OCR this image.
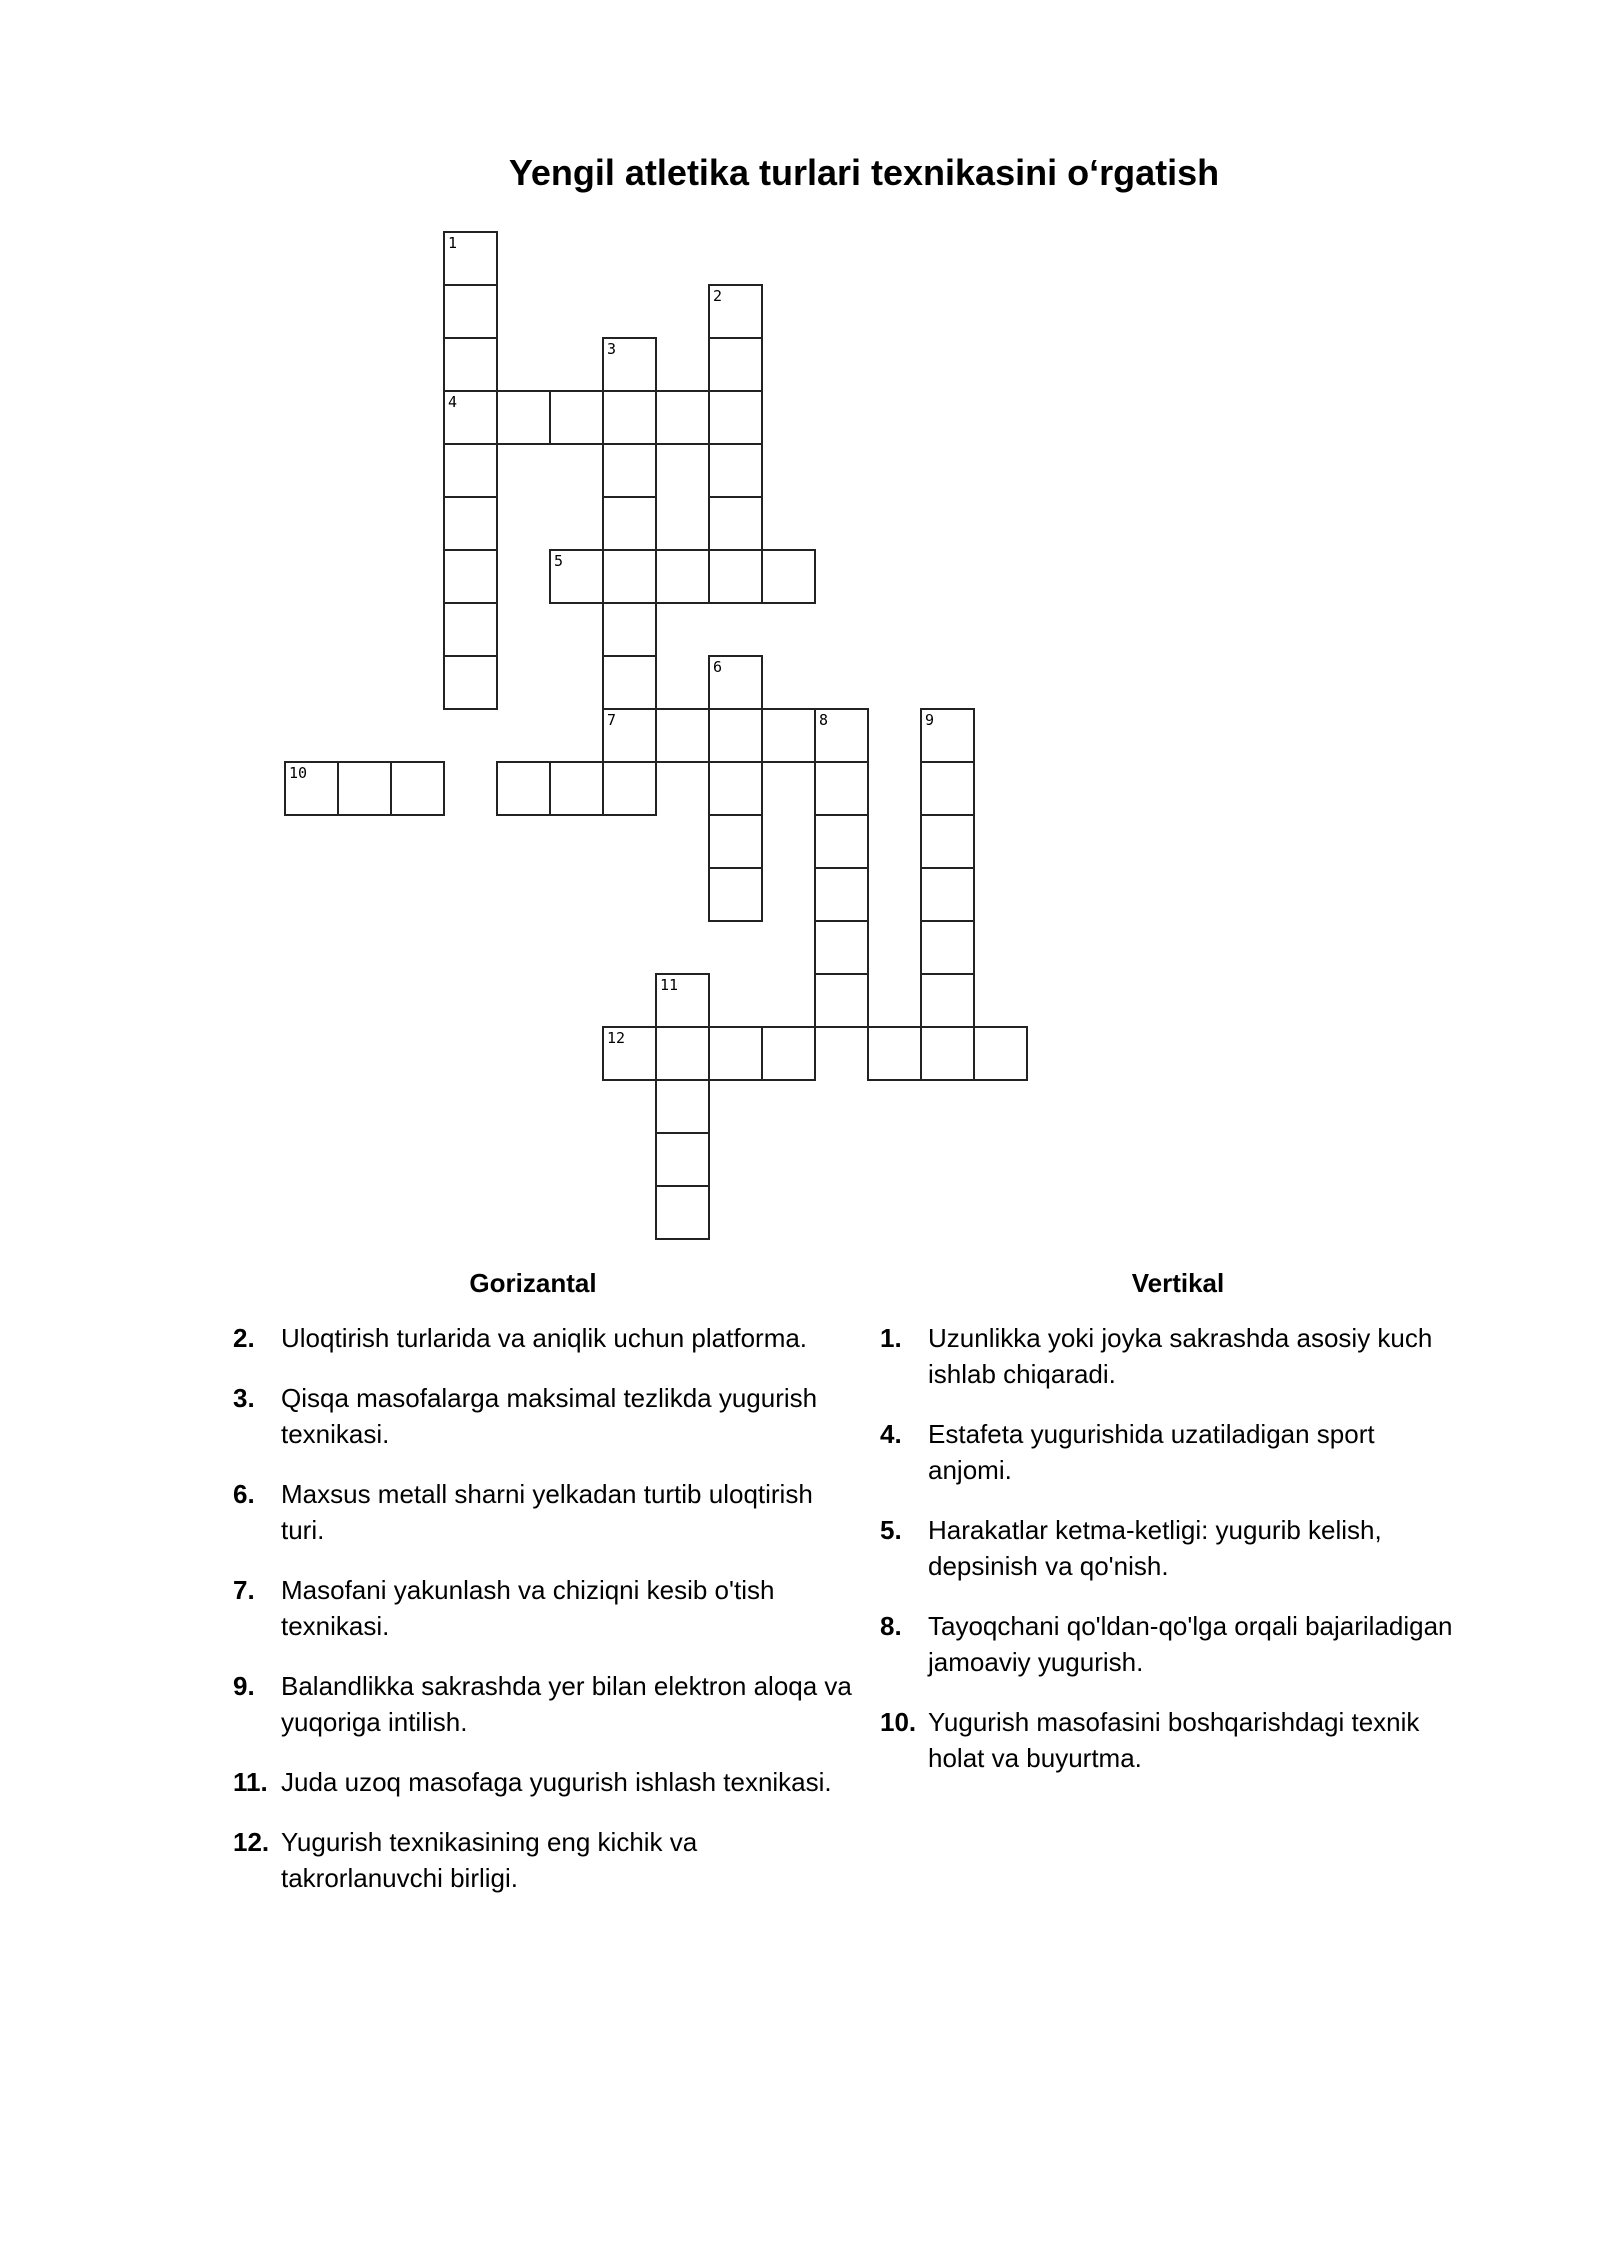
Yengil atletika turlari texnikasini o‘rgatish
1
4
3
7
2
6
5
8	9
10
11
12
Gorizantal
2. Uloqtirish turlarida va aniqlik uchun platforma.
3. Qisqa masofalarga maksimal tezlikda yugurish texnikasi.
6. Maxsus metall sharni yelkadan turtib uloqtirish turi.
7. Masofani yakunlash va chiziqni kesib o'tish texnikasi.
9. Balandlikka sakrashda yer bilan elektron aloqa va yuqoriga intilish.
11. Juda uzoq masofaga yugurish ishlash texnikasi.
12. Yugurish texnikasining eng kichik va takrorlanuvchi birligi.
Vertikal
1. Uzunlikka yoki joyka sakrashda asosiy kuch ishlab chiqaradi.
4. Estafeta yugurishida uzatiladigan sport anjomi.
5. Harakatlar ketma-ketligi: yugurib kelish, depsinish va qo'nish.
8. Tayoqchani qo'ldan-qo'lga orqali bajariladigan jamoaviy yugurish.
10. Yugurish masofasini boshqarishdagi texnik holat va buyurtma.
